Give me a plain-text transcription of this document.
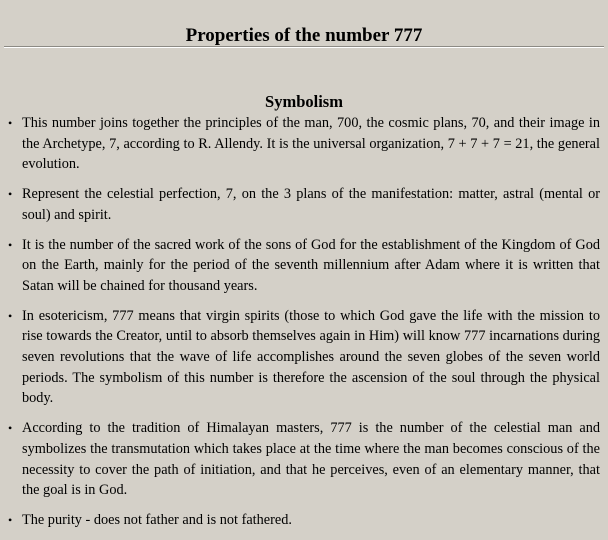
Properties of the number 777
Symbolism
• This number joins together the principles of the man, 700, the cosmic plans, 70, and their image in the Archetype, 7, according to R. Allendy. It is the universal organization, 7 + 7 + 7 = 21, the general evolution.
• Represent the celestial perfection, 7, on the 3 plans of the manifestation: matter, astral (mental or soul) and spirit.
• It is the number of the sacred work of the sons of God for the establishment of the Kingdom of God on the Earth, mainly for the period of the seventh millennium after Adam where it is written that Satan will be chained for thousand years.
• In esotericism, 777 means that virgin spirits (those to which God gave the life with the mission to rise towards the Creator, until to absorb themselves again in Him) will know 777 incarnations during seven revolutions that the wave of life accomplishes around the seven globes of the seven world periods. The symbolism of this number is therefore the ascension of the soul through the physical body.
• According to the tradition of Himalayan masters, 777 is the number of the celestial man and symbolizes the transmutation which takes place at the time where the man becomes conscious of the necessity to cover the path of initiation, and that he perceives, even of an elementary manner, that the goal is in God.
• The purity - does not father and is not fathered.
